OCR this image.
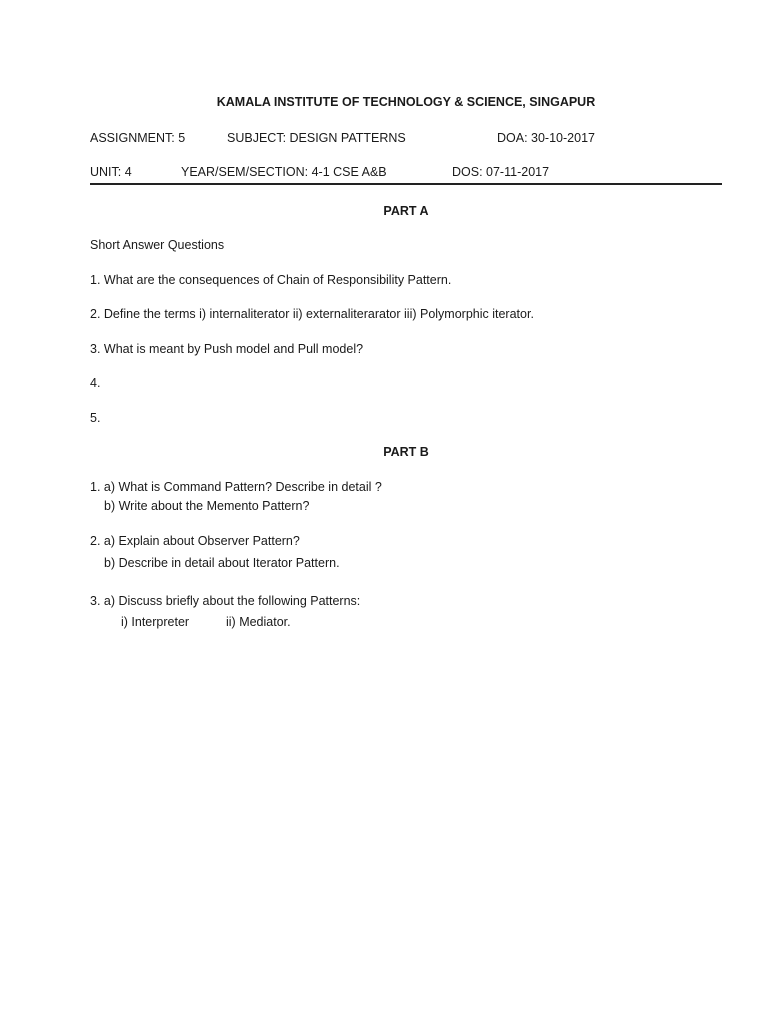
KAMALA INSTITUTE OF TECHNOLOGY & SCIENCE, SINGAPUR
ASSIGNMENT: 5	SUBJECT: DESIGN PATTERNS	DOA: 30-10-2017
UNIT: 4	YEAR/SEM/SECTION: 4-1 CSE A&B	DOS: 07-11-2017
PART A
Short Answer Questions
1. What are the consequences of Chain of Responsibility Pattern.
2. Define the terms i) internaliterator ii) externaliterarator iii) Polymorphic iterator.
3. What is meant by Push model and Pull model?
4.
5.
PART B
1. a) What is Command Pattern? Describe in detail ?
b) Write about the Memento Pattern?
2. a) Explain about Observer Pattern?
b) Describe in detail about Iterator Pattern.
3. a) Discuss briefly about the following Patterns:
i) Interpreter	ii) Mediator.
